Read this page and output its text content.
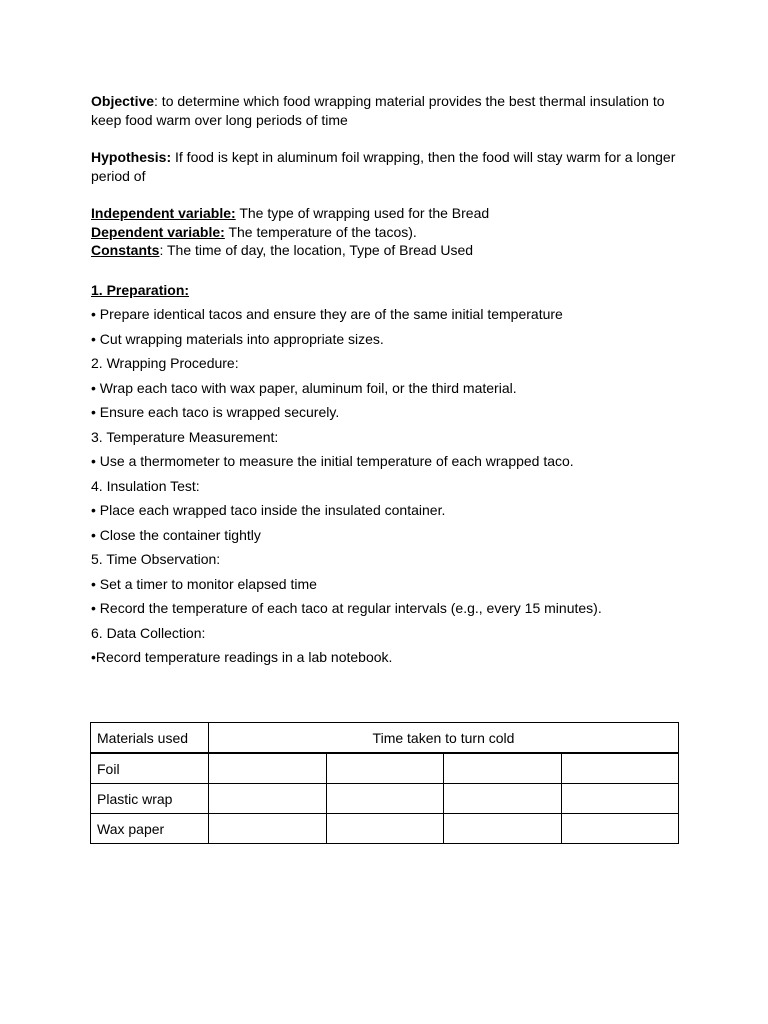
Objective: to determine which food wrapping material provides the best thermal insulation to keep food warm over long periods of time

Hypothesis: If food is kept in aluminum foil wrapping, then the food will stay warm for a longer period of

Independent variable: The type of wrapping used for the Bread
Dependent variable: The temperature of the tacos).
Constants: The time of day, the location, Type of Bread Used
1. Preparation:
• Prepare identical tacos and ensure they are of the same initial temperature
• Cut wrapping materials into appropriate sizes.
2. Wrapping Procedure:
• Wrap each taco with wax paper, aluminum foil, or the third material.
• Ensure each taco is wrapped securely.
3. Temperature Measurement:
• Use a thermometer to measure the initial temperature of each wrapped taco.
4. Insulation Test:
• Place each wrapped taco inside the insulated container.
• Close the container tightly
5. Time Observation:
• Set a timer to monitor elapsed time
• Record the temperature of each taco at regular intervals (e.g., every 15 minutes).
6. Data Collection:
•Record temperature readings in a lab notebook.
Materials used	Time taken to turn cold			
Foil				
Plastic wrap				
Wax paper				
